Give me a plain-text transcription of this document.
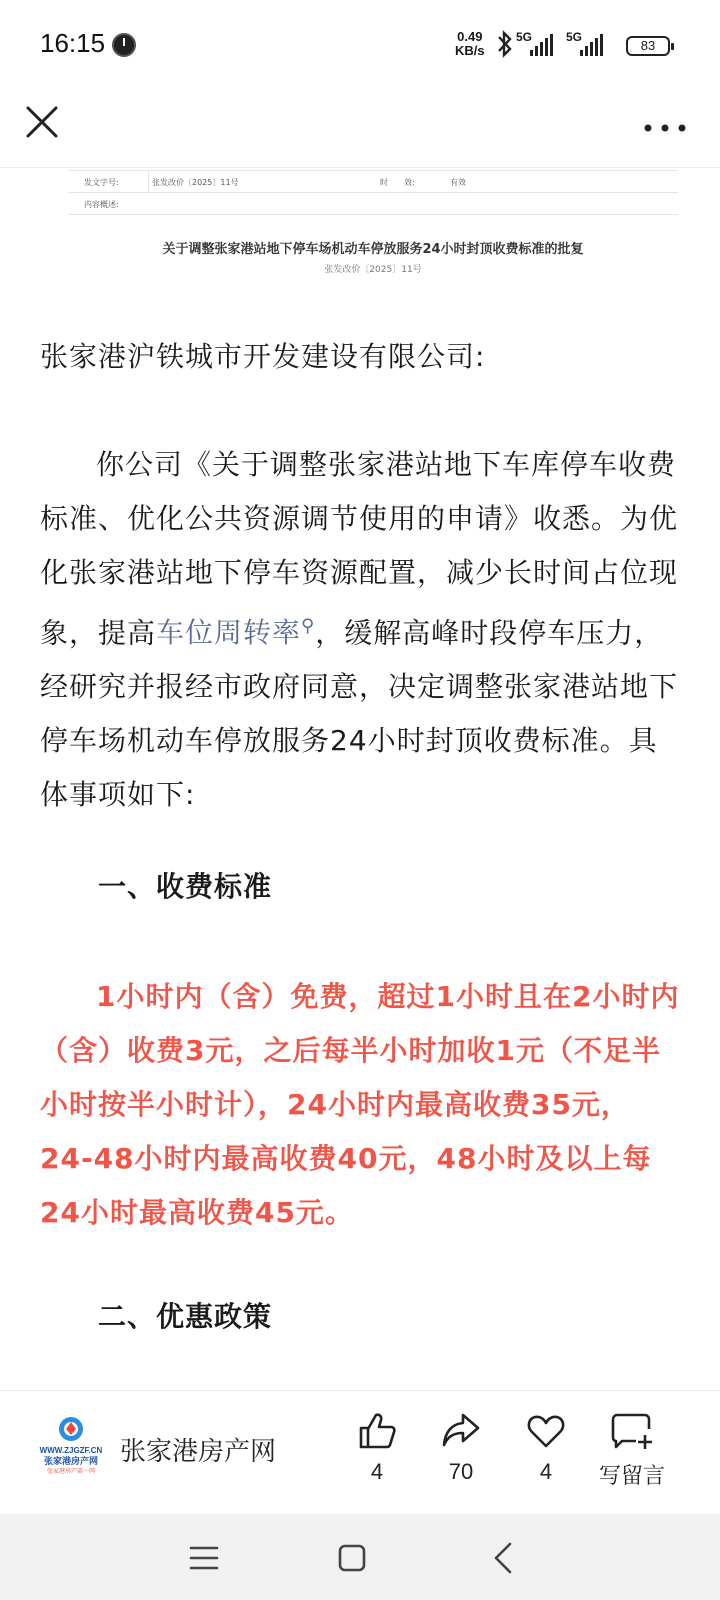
16:15	0.49
KB/s
5G	5G
83
发文字号:	张发改价〔2025〕11号	时　　效:	有效
内容概述:
关于调整张家港站地下停车场机动车停放服务24小时封顶收费标准的批复
张发改价〔2025〕11号
张家港沪铁城市开发建设有限公司:
你公司《关于调整张家港站地下车库停车收费标准、优化公共资源调节使用的申请》收悉。为优化张家港站地下停车资源配置，减少长时间占位现象，提高车位周转率⚲，缓解高峰时段停车压力，经研究并报经市政府同意，决定调整张家港站地下停车场机动车停放服务24小时封顶收费标准。具体事项如下:
一、收费标准
1小时内（含）免费，超过1小时且在2小时内（含）收费3元，之后每半小时加收1元（不足半小时按半小时计），24小时内最高收费35元，24-48小时内最高收费40元，48小时及以上每24小时最高收费45元。
二、优惠政策
WWW.ZJGZF.CN
张家港房产网
张家港房产第一网
张家港房产网
4	70	4	写留言
